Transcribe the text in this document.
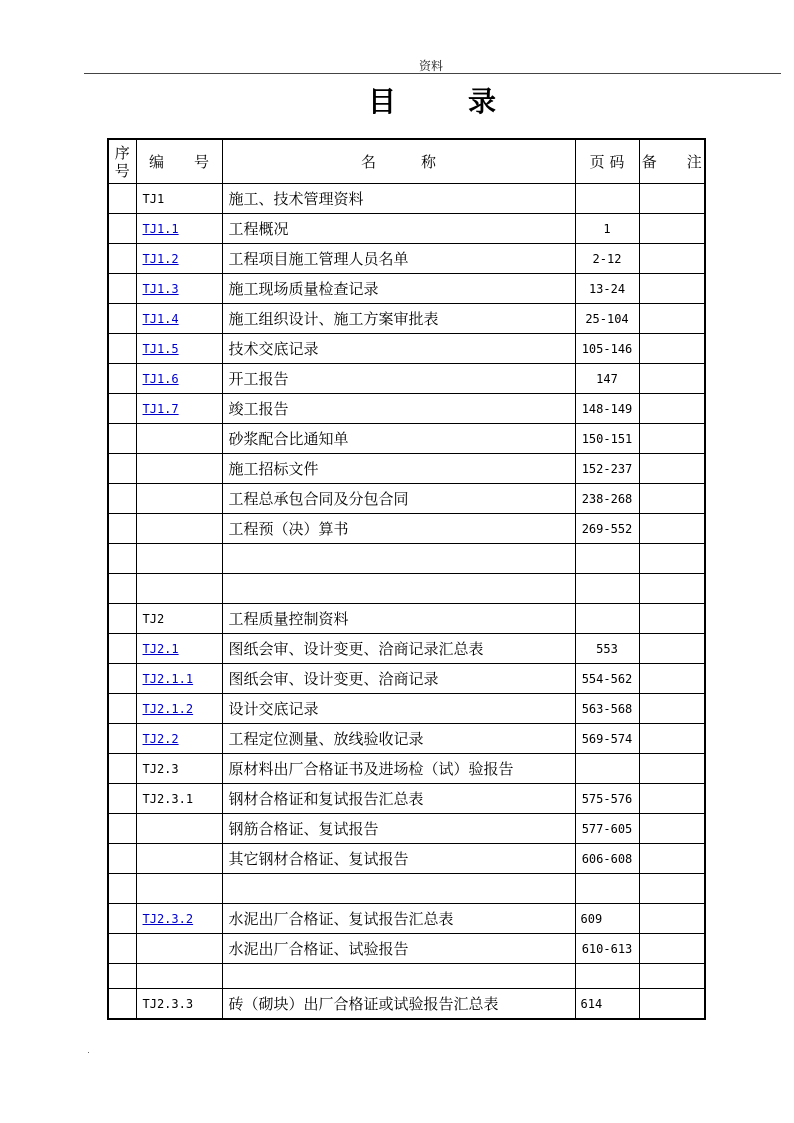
资料
目	录
序
号	编　　号	名　　　称	页 码	备　　注
	TJ1	施工、技术管理资料		
	TJ1.1	工程概况	1	
	TJ1.2	工程项目施工管理人员名单	2-12	
	TJ1.3	施工现场质量检查记录	13-24	
	TJ1.4	施工组织设计、施工方案审批表	25-104	
	TJ1.5	技术交底记录	105-146	
	TJ1.6	开工报告	147	
	TJ1.7	竣工报告	148-149	
		砂浆配合比通知单	150-151	
		施工招标文件	152-237	
		工程总承包合同及分包合同	238-268	
		工程预（决）算书	269-552	

	TJ2	工程质量控制资料		
	TJ2.1	图纸会审、设计变更、洽商记录汇总表	553	
	TJ2.1.1	图纸会审、设计变更、洽商记录	554-562	
	TJ2.1.2	设计交底记录	563-568	
	TJ2.2	工程定位测量、放线验收记录	569-574	
	TJ2.3	原材料出厂合格证书及进场检（试）验报告		
	TJ2.3.1	钢材合格证和复试报告汇总表	575-576	
		钢筋合格证、复试报告	577-605	
		其它钢材合格证、复试报告	606-608	

	TJ2.3.2	水泥出厂合格证、复试报告汇总表	609	
		水泥出厂合格证、试验报告	610-613	

	TJ2.3.3	砖（砌块）出厂合格证或试验报告汇总表	614	
